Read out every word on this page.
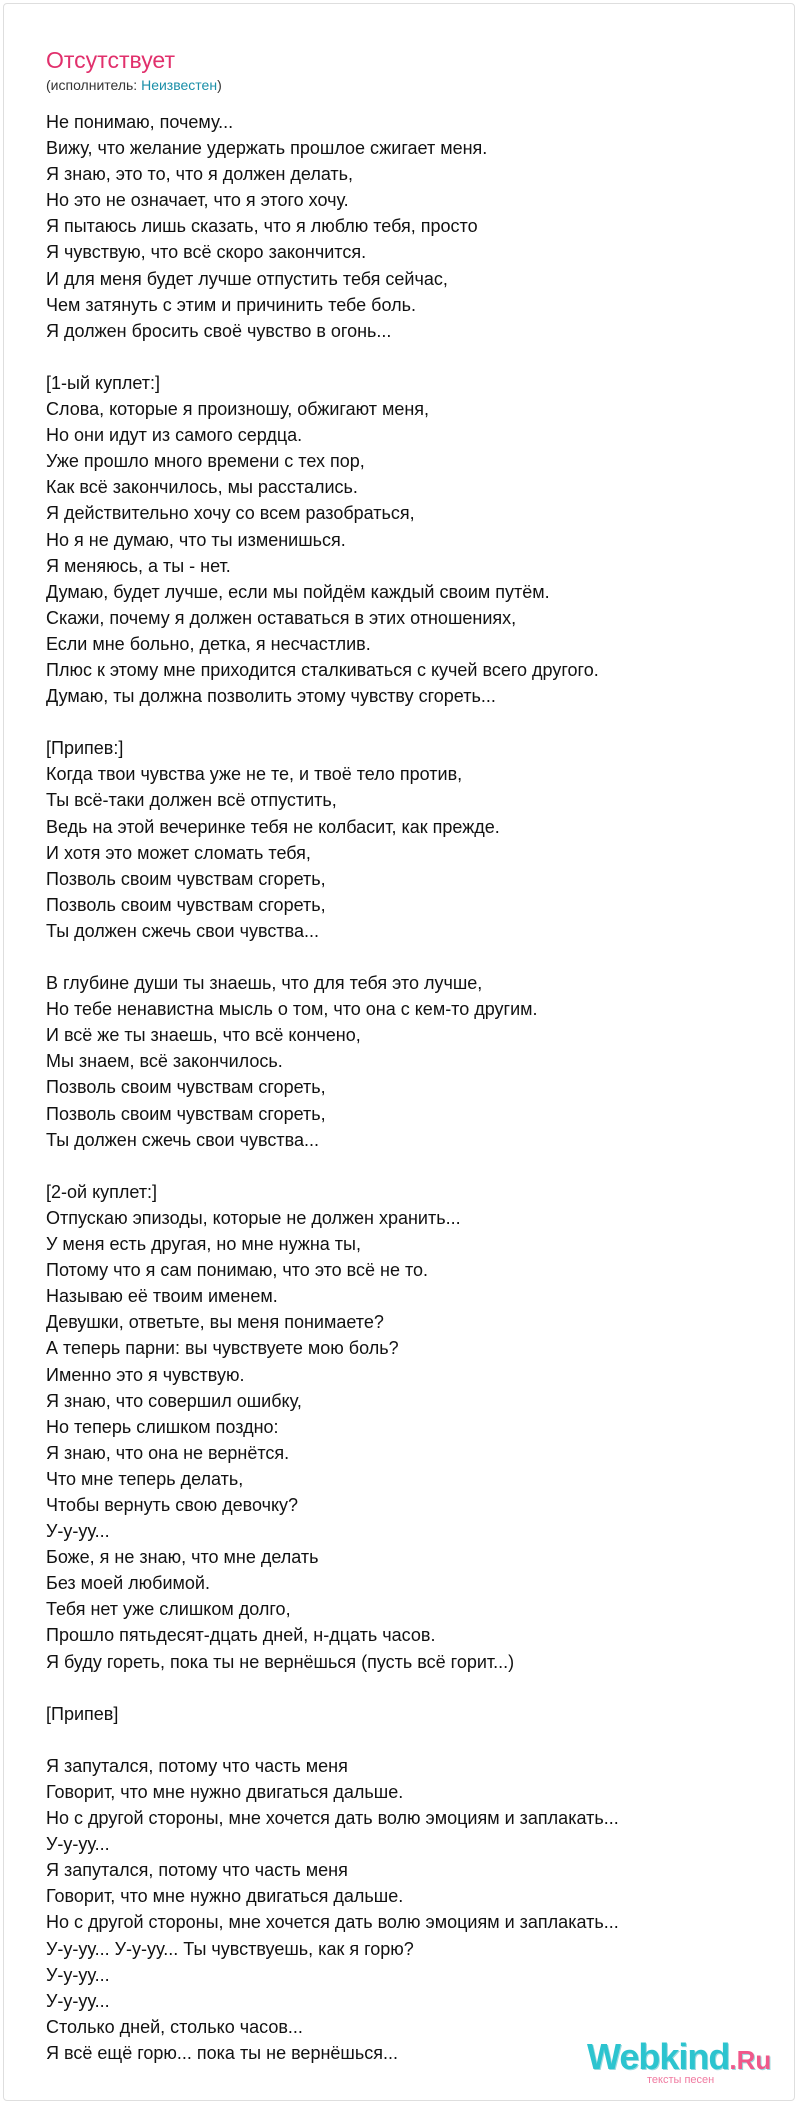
Отсутствует
(исполнитель: Неизвестен)
Не понимаю, почему...
Вижу, что желание удержать прошлое сжигает меня.
Я знаю, это то, что я должен делать,
Но это не означает, что я этого хочу.
Я пытаюсь лишь сказать, что я люблю тебя, просто
Я чувствую, что всё скоро закончится.
И для меня будет лучше отпустить тебя сейчас,
Чем затянуть с этим и причинить тебе боль.
Я должен бросить своё чувство в огонь...
[1-ый куплет:]
Слова, которые я произношу, обжигают меня,
Но они идут из самого сердца.
Уже прошло много времени с тех пор,
Как всё закончилось, мы расстались.
Я действительно хочу со всем разобраться,
Но я не думаю, что ты изменишься.
Я меняюсь, а ты - нет.
Думаю, будет лучше, если мы пойдём каждый своим путём.
Скажи, почему я должен оставаться в этих отношениях,
Если мне больно, детка, я несчастлив.
Плюс к этому мне приходится сталкиваться с кучей всего другого.
Думаю, ты должна позволить этому чувству сгореть...
[Припев:]
Когда твои чувства уже не те, и твоё тело против,
Ты всё-таки должен всё отпустить,
Ведь на этой вечеринке тебя не колбасит, как прежде.
И хотя это может сломать тебя,
Позволь своим чувствам сгореть,
Позволь своим чувствам сгореть,
Ты должен сжечь свои чувства...
В глубине души ты знаешь, что для тебя это лучше,
Но тебе ненавистна мысль о том, что она с кем-то другим.
И всё же ты знаешь, что всё кончено,
Мы знаем, всё закончилось.
Позволь своим чувствам сгореть,
Позволь своим чувствам сгореть,
Ты должен сжечь свои чувства...
[2-ой куплет:]
Отпускаю эпизоды, которые не должен хранить...
У меня есть другая, но мне нужна ты,
Потому что я сам понимаю, что это всё не то.
Называю её твоим именем.
Девушки, ответьте, вы меня понимаете?
А теперь парни: вы чувствуете мою боль?
Именно это я чувствую.
Я знаю, что совершил ошибку,
Но теперь слишком поздно:
Я знаю, что она не вернётся.
Что мне теперь делать,
Чтобы вернуть свою девочку?
У-у-уу...
Боже, я не знаю, что мне делать
Без моей любимой.
Тебя нет уже слишком долго,
Прошло пятьдесят-дцать дней, н-дцать часов.
Я буду гореть, пока ты не вернёшься (пусть всё горит...)
[Припев]
Я запутался, потому что часть меня
Говорит, что мне нужно двигаться дальше.
Но с другой стороны, мне хочется дать волю эмоциям и заплакать...
У-у-уу...
Я запутался, потому что часть меня
Говорит, что мне нужно двигаться дальше.
Но с другой стороны, мне хочется дать волю эмоциям и заплакать...
У-у-уу... У-у-уу... Ты чувствуешь, как я горю?
У-у-уу...
У-у-уу...
Столько дней, столько часов...
Я всё ещё горю... пока ты не вернёшься...	Webkind.Ru
тексты песен
